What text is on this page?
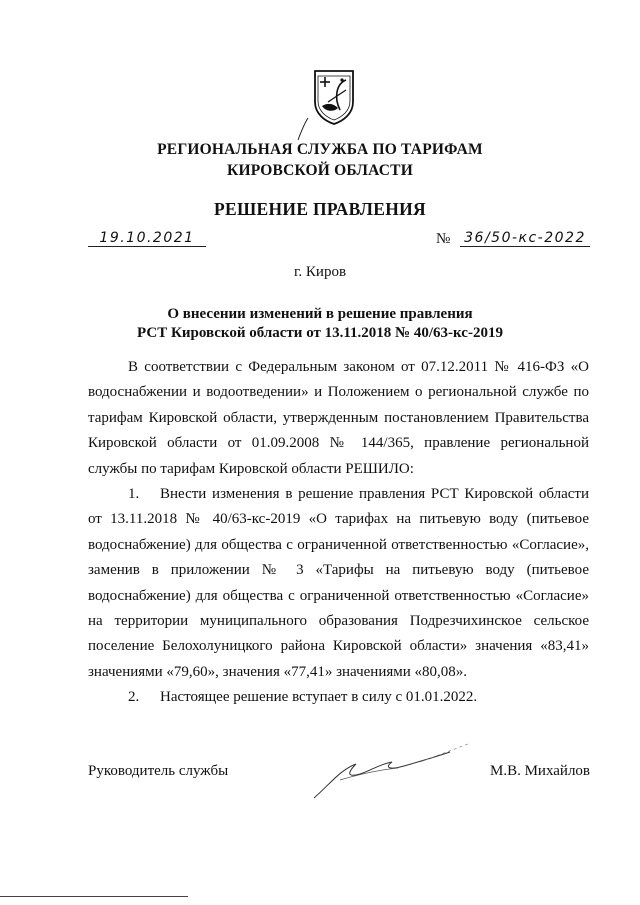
РЕГИОНАЛЬНАЯ СЛУЖБА ПО ТАРИФАМ
КИРОВСКОЙ ОБЛАСТИ
РЕШЕНИЕ ПРАВЛЕНИЯ
19.10.2021	№ 36/50-кс-2022
г. Киров
О внесении изменений в решение правления
РСТ Кировской области от 13.11.2018 № 40/63-кс-2019

В соответствии с Федеральным законом от 07.12.2011 № 416-ФЗ «О водоснабжении и водоотведении» и Положением о региональной службе по тарифам Кировской области, утвержденным постановлением Правительства Кировской области от 01.09.2008 № 144/365, правление региональной службы по тарифам Кировской области РЕШИЛО:

1. Внести изменения в решение правления РСТ Кировской области от 13.11.2018 № 40/63-кс-2019 «О тарифах на питьевую воду (питьевое водоснабжение) для общества с ограниченной ответственностью «Согласие», заменив в приложении № 3 «Тарифы на питьевую воду (питьевое водоснабжение) для общества с ограниченной ответственностью «Согласие» на территории муниципального образования Подрезчихинское сельское поселение Белохолуницкого района Кировской области» значения «83,41» значениями «79,60», значения «77,41» значениями «80,08».

2. Настоящее решение вступает в силу с 01.01.2022.

Руководитель службы	М.В. Михайлов
